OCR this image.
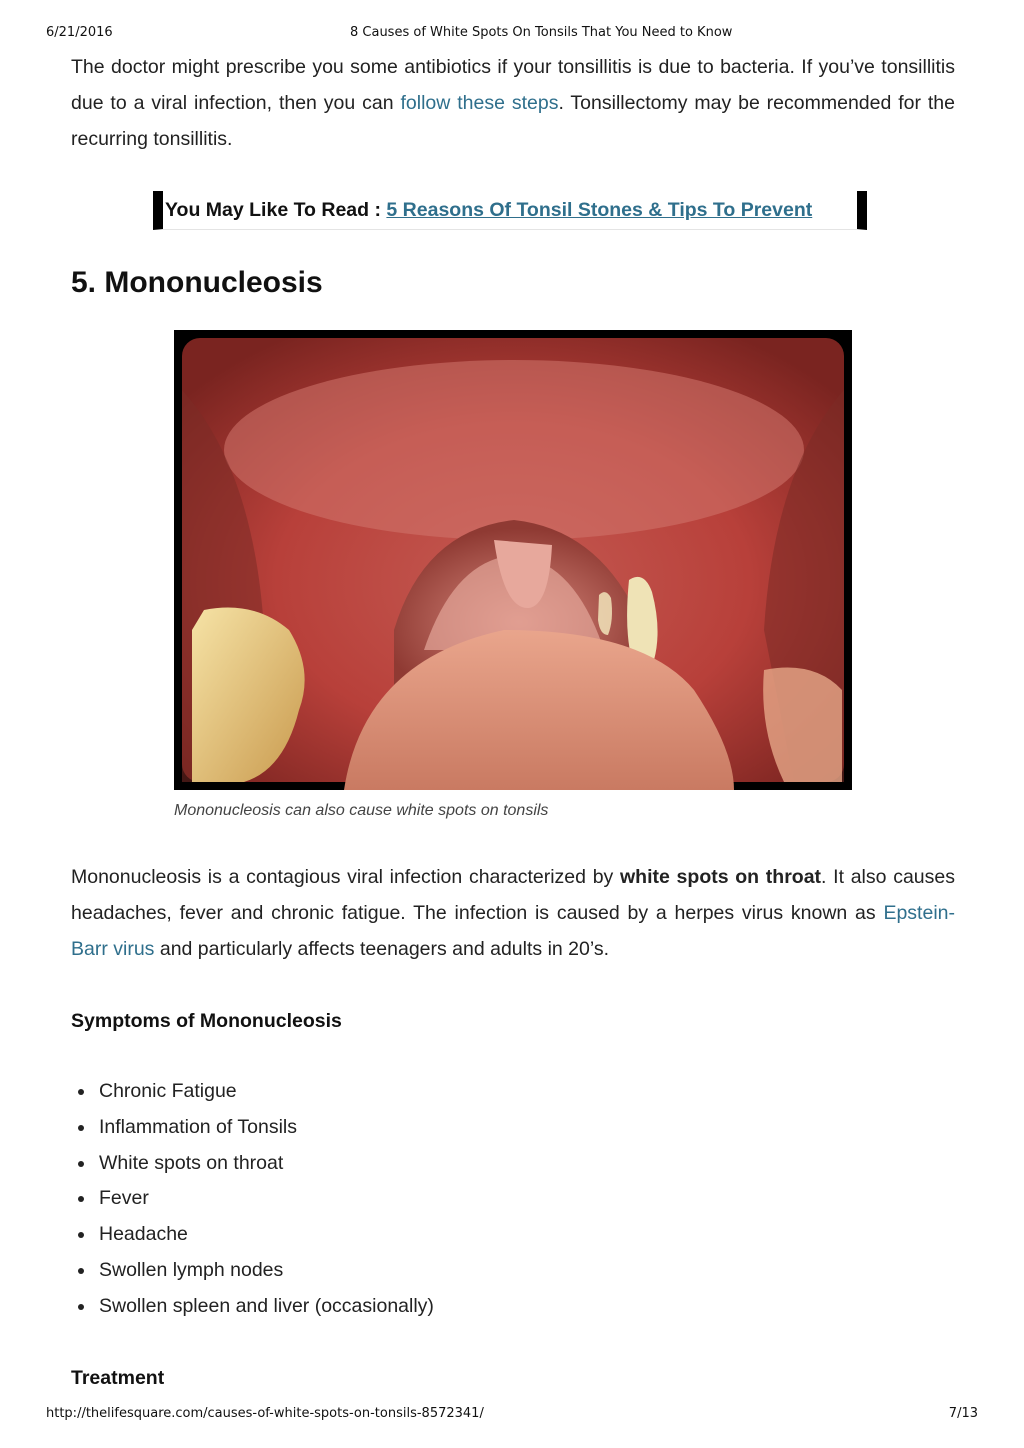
6/21/2016	8 Causes of White Spots On Tonsils That You Need to Know

The doctor might prescribe you some antibiotics if your tonsillitis is due to bacteria. If you’ve tonsillitis due to a viral infection, then you can follow these steps. Tonsillectomy may be recommended for the recurring tonsillitis.

You May Like To Read : 5 Reasons Of Tonsil Stones & Tips To Prevent
5. Mononucleosis
Mononucleosis can also cause white spots on tonsils

Mononucleosis is a contagious viral infection characterized by white spots on throat. It also causes headaches, fever and chronic fatigue. The infection is caused by a herpes virus known as Epstein-Barr virus and particularly affects teenagers and adults in 20’s.

Symptoms of Mononucleosis
Chronic Fatigue
Inflammation of Tonsils
White spots on throat
Fever
Headache
Swollen lymph nodes
Swollen spleen and liver (occasionally)
Treatment
http://thelifesquare.com/causes-of-white-spots-on-tonsils-8572341/	7/13
